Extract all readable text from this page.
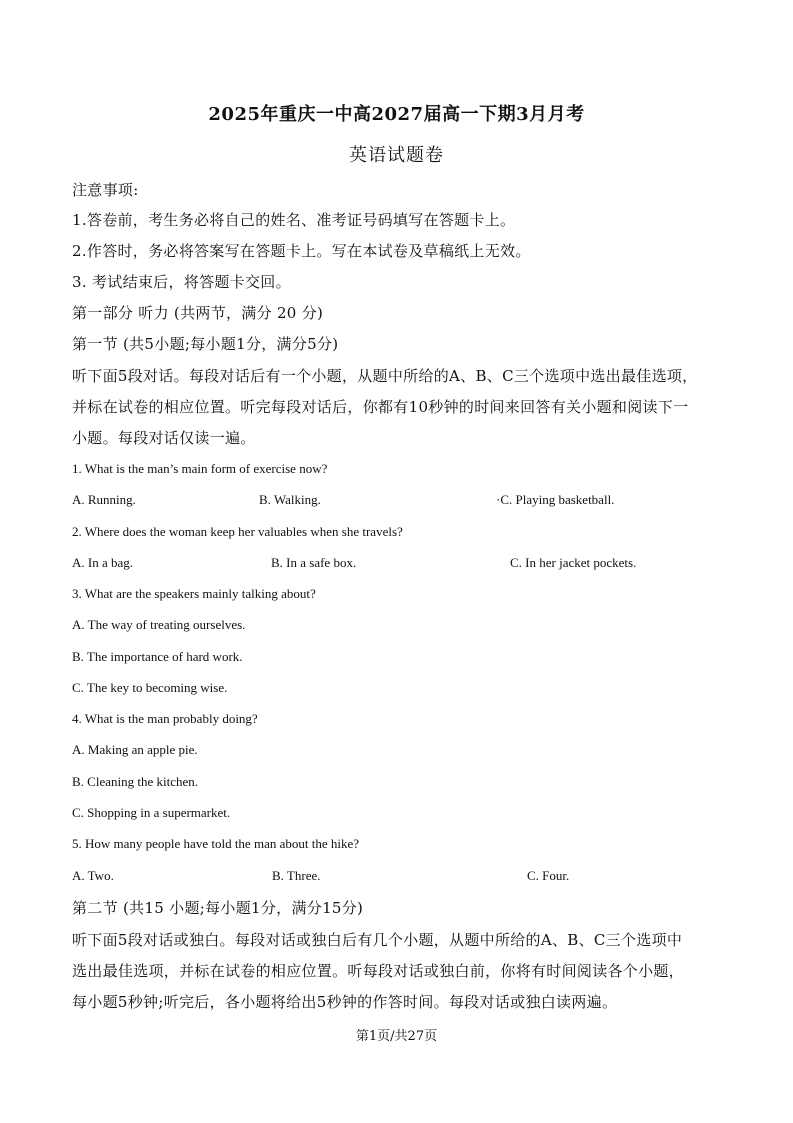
2025年重庆一中高2027届高一下期3月月考
英语试题卷
注意事项:
1.答卷前，考生务必将自己的姓名、准考证号码填写在答题卡上。
2.作答时，务必将答案写在答题卡上。写在本试卷及草稿纸上无效。
3. 考试结束后，将答题卡交回。
第一部分 听力 (共两节，满分 20 分)
第一节 (共5小题;每小题1分，满分5分)
听下面5段对话。每段对话后有一个小题，从题中所给的A、B、C三个选项中选出最佳选项，
并标在试卷的相应位置。听完每段对话后，你都有10秒钟的时间来回答有关小题和阅读下一
小题。每段对话仅读一遍。
1. What is the man’s main form of exercise now?
A. Running.	B. Walking.	·C. Playing basketball.
2. Where does the woman keep her valuables when she travels?
A. In a bag.	B. In a safe box.	C. In her jacket pockets.
3. What are the speakers mainly talking about?
A. The way of treating ourselves.
B. The importance of hard work.
C. The key to becoming wise.
4. What is the man probably doing?
A. Making an apple pie.
B. Cleaning the kitchen.
C. Shopping in a supermarket.
5. How many people have told the man about the hike?
A. Two.	B. Three.	C. Four.
第二节 (共15 小题;每小题1分，满分15分)
听下面5段对话或独白。每段对话或独白后有几个小题，从题中所给的A、B、C三个选项中
选出最佳选项，并标在试卷的相应位置。听每段对话或独白前，你将有时间阅读各个小题，
每小题5秒钟;听完后，各小题将给出5秒钟的作答时间。每段对话或独白读两遍。
第1页/共27页
